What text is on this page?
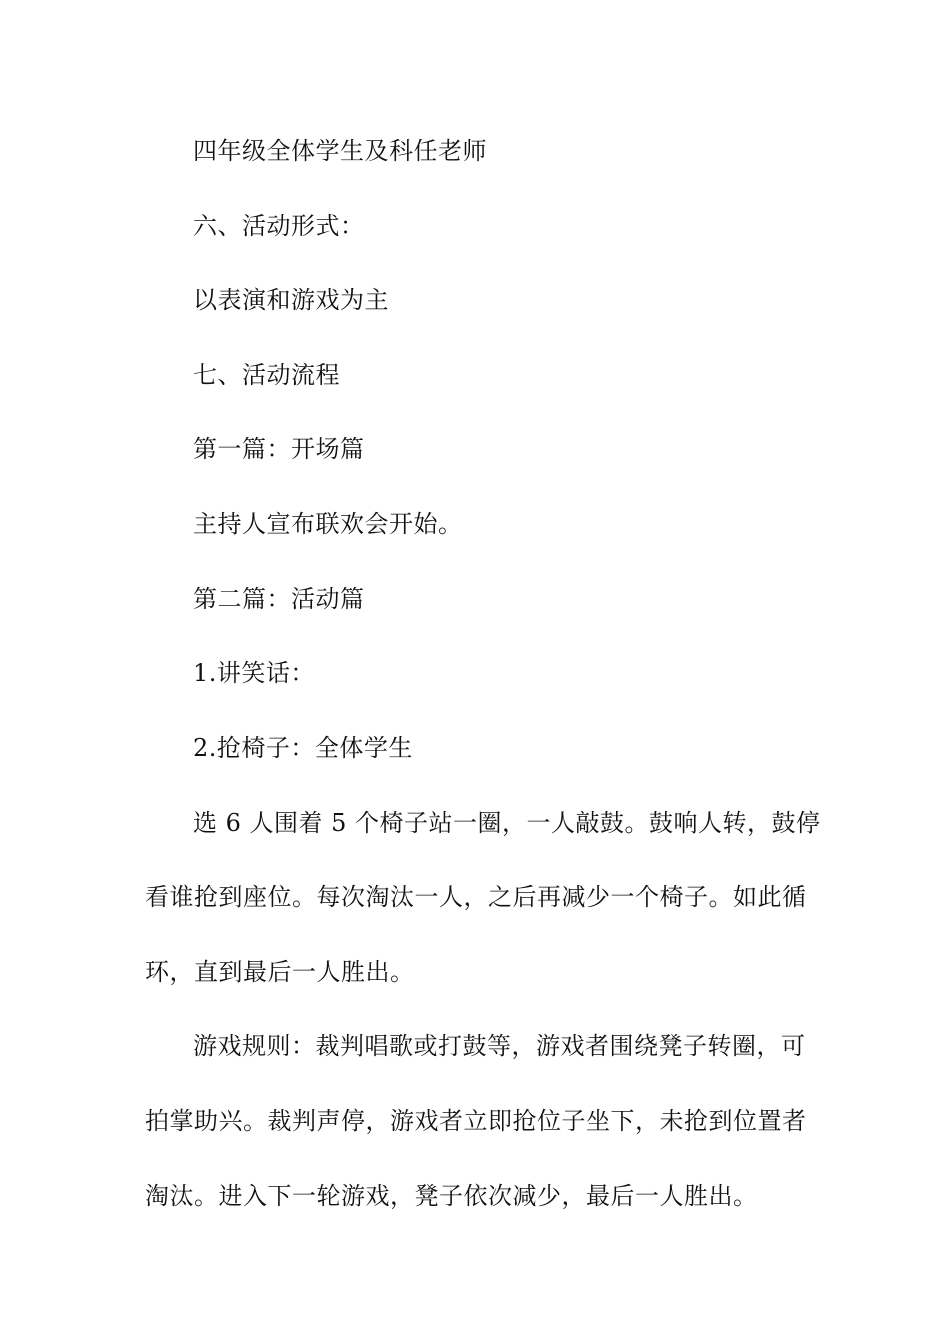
四年级全体学生及科任老师
六、活动形式：
以表演和游戏为主
七、活动流程
第一篇：开场篇
主持人宣布联欢会开始。
第二篇：活动篇
1.讲笑话：
2.抢椅子：全体学生
选 6 人围着 5 个椅子站一圈，一人敲鼓。鼓响人转，鼓停
看谁抢到座位。每次淘汰一人，之后再减少一个椅子。如此循
环，直到最后一人胜出。
游戏规则：裁判唱歌或打鼓等，游戏者围绕凳子转圈，可
拍掌助兴。裁判声停，游戏者立即抢位子坐下，未抢到位置者
淘汰。进入下一轮游戏，凳子依次减少，最后一人胜出。
